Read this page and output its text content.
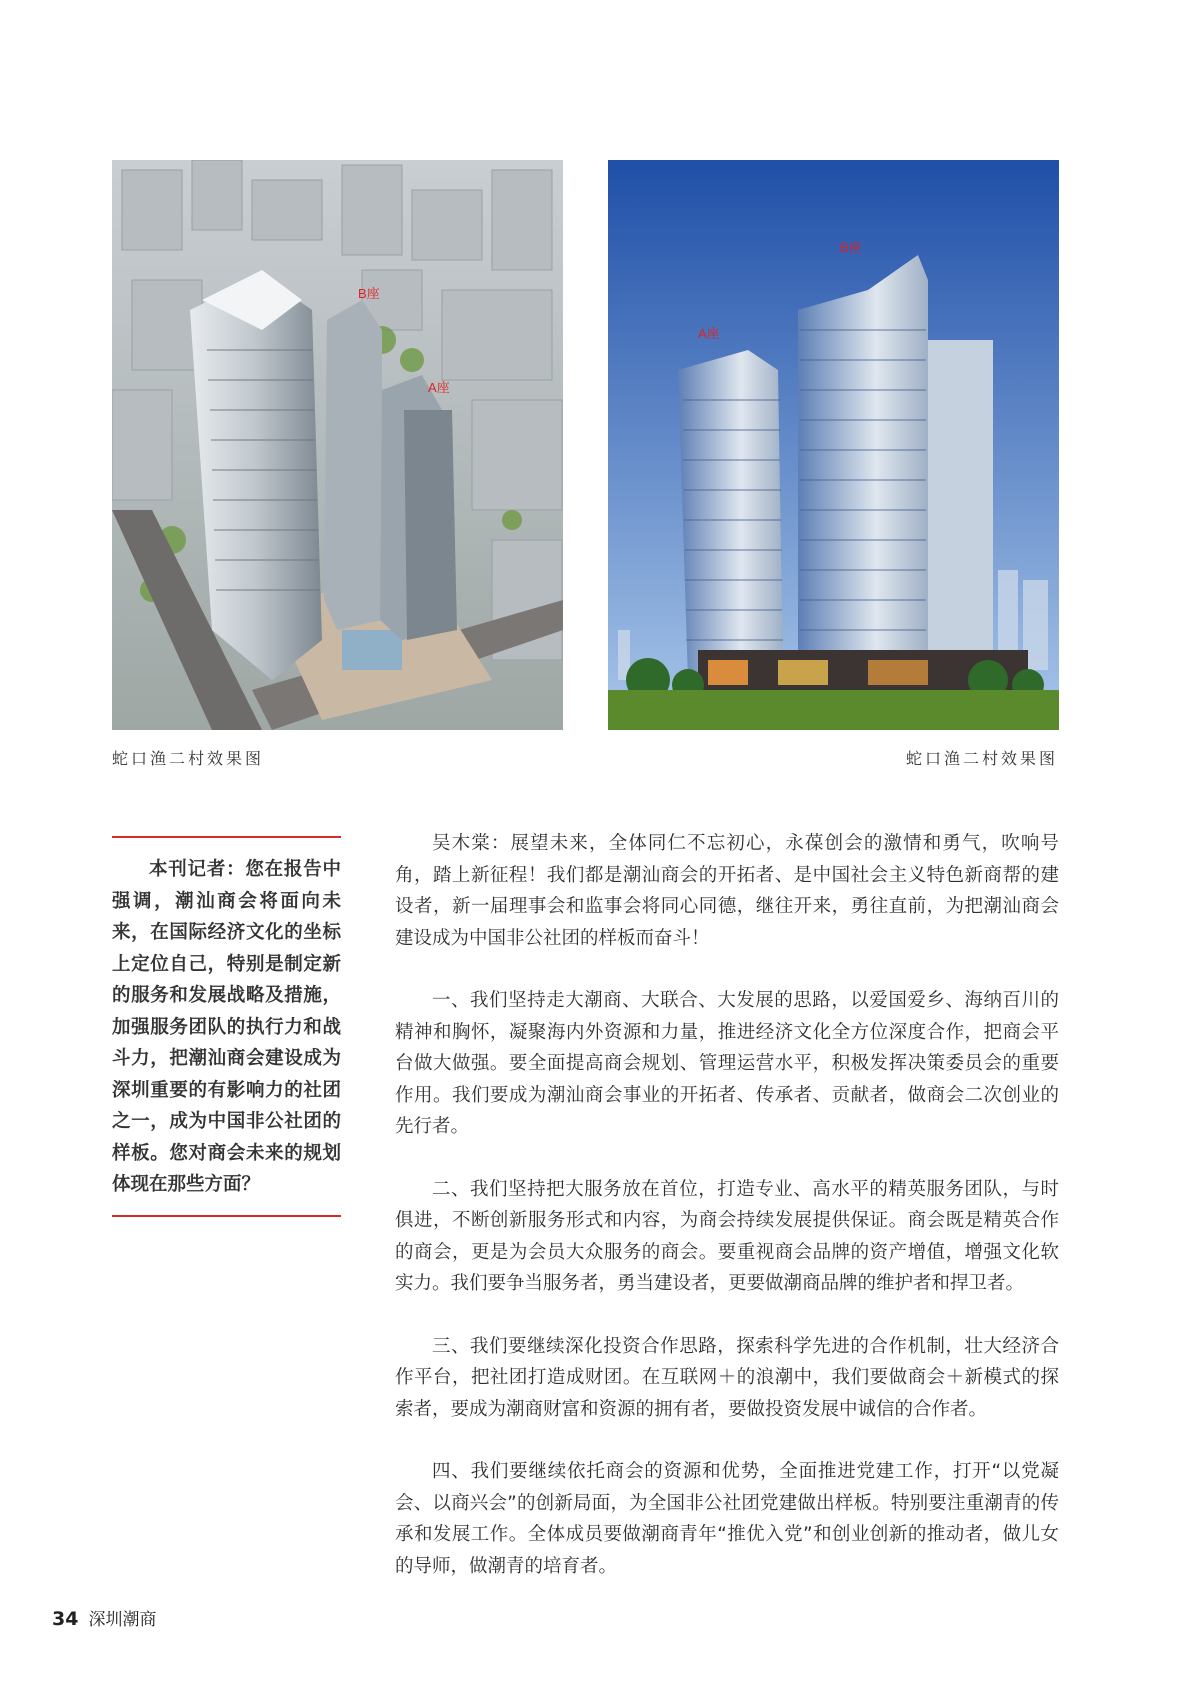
B座
A座
A座
B座
蛇口渔二村效果图	蛇口渔二村效果图

本刊记者：您在报告中强调，潮汕商会将面向未来，在国际经济文化的坐标上定位自己，特别是制定新的服务和发展战略及措施，加强服务团队的执行力和战斗力，把潮汕商会建设成为深圳重要的有影响力的社团之一，成为中国非公社团的样板。您对商会未来的规划体现在那些方面？

吴木棠：展望未来，全体同仁不忘初心，永葆创会的激情和勇气，吹响号角，踏上新征程！我们都是潮汕商会的开拓者、是中国社会主义特色新商帮的建设者，新一届理事会和监事会将同心同德，继往开来，勇往直前，为把潮汕商会建设成为中国非公社团的样板而奋斗！

一、我们坚持走大潮商、大联合、大发展的思路，以爱国爱乡、海纳百川的精神和胸怀，凝聚海内外资源和力量，推进经济文化全方位深度合作，把商会平台做大做强。要全面提高商会规划、管理运营水平，积极发挥决策委员会的重要作用。我们要成为潮汕商会事业的开拓者、传承者、贡献者，做商会二次创业的先行者。

二、我们坚持把大服务放在首位，打造专业、高水平的精英服务团队，与时俱进，不断创新服务形式和内容，为商会持续发展提供保证。商会既是精英合作的商会，更是为会员大众服务的商会。要重视商会品牌的资产增值，增强文化软实力。我们要争当服务者，勇当建设者，更要做潮商品牌的维护者和捍卫者。

三、我们要继续深化投资合作思路，探索科学先进的合作机制，壮大经济合作平台，把社团打造成财团。在互联网＋的浪潮中，我们要做商会＋新模式的探索者，要成为潮商财富和资源的拥有者，要做投资发展中诚信的合作者。

四、我们要继续依托商会的资源和优势，全面推进党建工作，打开“以党凝会、以商兴会”的创新局面，为全国非公社团党建做出样板。特别要注重潮青的传承和发展工作。全体成员要做潮商青年“推优入党”和创业创新的推动者，做儿女的导师，做潮青的培育者。

34 深圳潮商
